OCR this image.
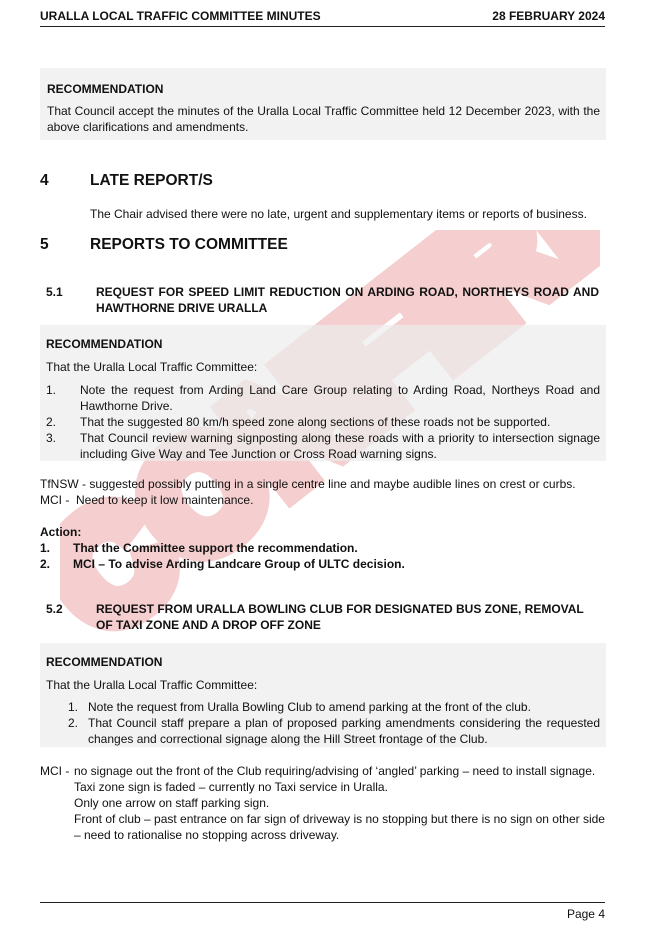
URALLA LOCAL TRAFFIC COMMITTEE MINUTES	28 FEBRUARY 2024
RECOMMENDATION
That Council accept the minutes of the Uralla Local Traffic Committee held 12 December 2023, with the above clarifications and amendments.
4	LATE REPORT/S
The Chair advised there were no late, urgent and supplementary items or reports of business.
5	REPORTS TO COMMITTEE
5.1	REQUEST FOR SPEED LIMIT REDUCTION ON ARDING ROAD, NORTHEYS ROAD AND HAWTHORNE DRIVE URALLA
RECOMMENDATION
That the Uralla Local Traffic Committee:
1.	Note the request from Arding Land Care Group relating to Arding Road, Northeys Road and Hawthorne Drive.
2.	That the suggested 80 km/h speed zone along sections of these roads not be supported.
3.	That Council review warning signposting along these roads with a priority to intersection signage including Give Way and Tee Junction or Cross Road warning signs.
TfNSW - suggested possibly putting in a single centre line and maybe audible lines on crest or curbs.
MCI -  Need to keep it low maintenance.
Action:
1. That the Committee support the recommendation.
2. MCI – To advise Arding Landcare Group of ULTC decision.
5.2	REQUEST FROM URALLA BOWLING CLUB FOR DESIGNATED BUS ZONE, REMOVAL OF TAXI ZONE AND A DROP OFF ZONE
RECOMMENDATION
That the Uralla Local Traffic Committee:
1. Note the request from Uralla Bowling Club to amend parking at the front of the club.
2. That Council staff prepare a plan of proposed parking amendments considering the requested changes and correctional signage along the Hill Street frontage of the Club.
MCI - no signage out the front of the Club requiring/advising of ‘angled’ parking – need to install signage.
Taxi zone sign is faded – currently no Taxi service in Uralla.
Only one arrow on staff parking sign.
Front of club – past entrance on far sign of driveway is no stopping but there is no sign on other side – need to rationalise no stopping across driveway.
Page 4
